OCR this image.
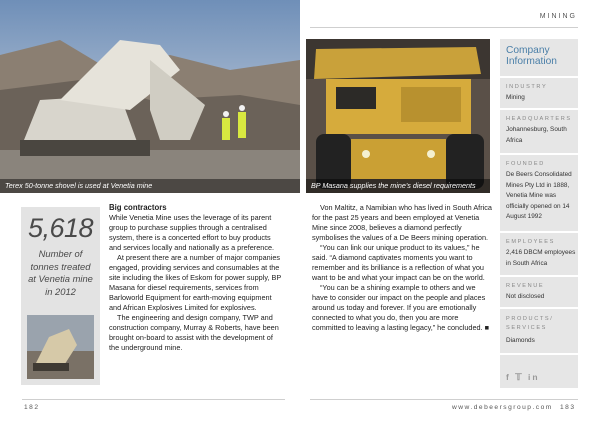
Terex 50-tonne shovel is used at Venetia mine	BP Masana supplies the mine’s diesel requirements
5,618
Number of
tonnes treated
at Venetia mine
in 2012
Big contractors

While Venetia Mine uses the leverage of its parent group to purchase supplies through a centralised system, there is a concerted effort to buy products and services locally and nationally as a preference.

At present there are a number of major companies engaged, providing services and consumables at the site including the likes of Eskom for power supply, BP Masana for diesel requirements, services from Barloworld Equipment for earth-moving equipment and African Explosives Limited for explosives.

The engineering and design company, TWP and construction company, Murray & Roberts, have been brought on-board to assist with the development of the underground mine.

Von Maltitz, a Namibian who has lived in South Africa for the past 25 years and been employed at Venetia Mine since 2008, believes a diamond perfectly symbolises the values of a De Beers mining operation.

“You can link our unique product to its values,” he said. “A diamond captivates moments you want to remember and its brilliance is a reflection of what you want to be and what your impact can be on the world.

“You can be a shining example to others and we have to consider our impact on the people and places around us today and forever. If you are emotionally connected to what you do, then you are more committed to leaving a lasting legacy,” he concluded. ■

MINING
Company
Information
INDUSTRY
Mining
HEADQUARTERS
Johannesburg, South Africa
FOUNDED
De Beers Consolidated Mines Pty Ltd in 1888, Venetia Mine was officially opened on 14 August 1992
EMPLOYEES
2,416 DBCM employees in South Africa
REVENUE
Not disclosed
PRODUCTS/ SERVICES
Diamonds
f 𝕋 in
182	www.debeersgroup.com 183
